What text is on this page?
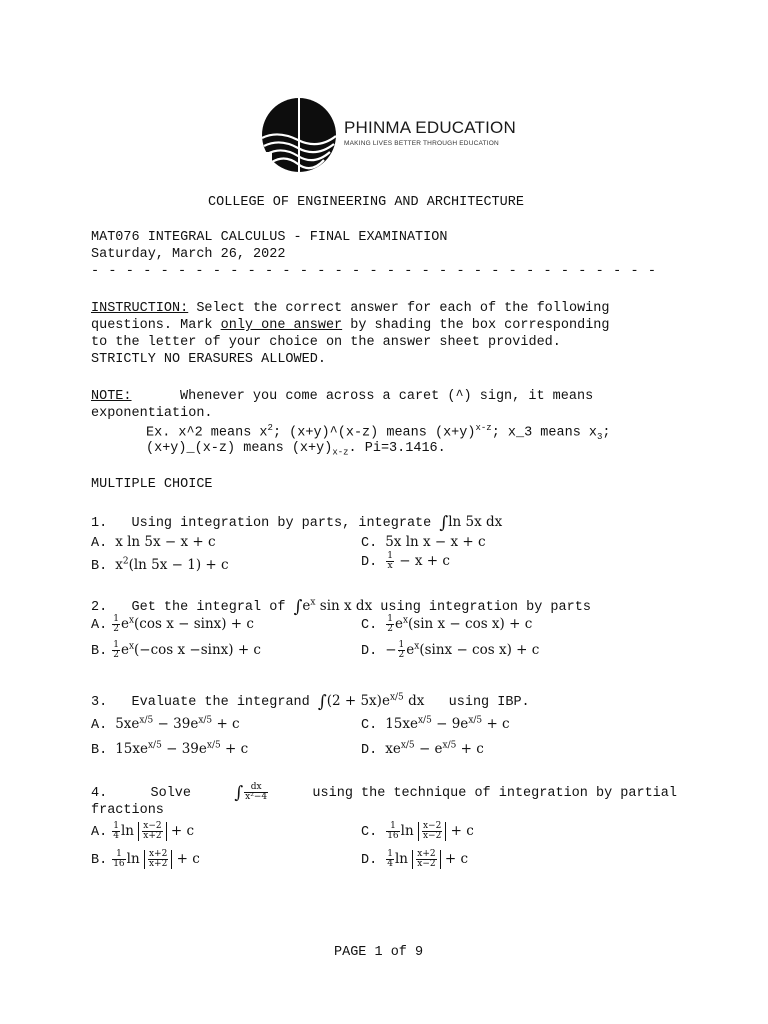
PHINMA EDUCATION
MAKING LIVES BETTER THROUGH EDUCATION
COLLEGE OF ENGINEERING AND ARCHITECTURE
MAT076 INTEGRAL CALCULUS - FINAL EXAMINATION
Saturday, March 26, 2022
- - - - - - - - - - - - - - - - - - - - - - - - - - - - - - - - -
INSTRUCTION: Select the correct answer for each of the following
questions. Mark only one answer by shading the box corresponding
to the letter of your choice on the answer sheet provided.
STRICTLY NO ERASURES ALLOWED.
NOTE:	Whenever you come across a caret (^) sign, it means
exponentiation.
Ex. x^2 means $x^2$; (x+y)^(x-z) means $(x+y)^{x-z}$; x_3 means $x_3$;
(x+y)_(x-z) means $(x+y)_{x-z}$. Pi=3.1416.
MULTIPLE CHOICE
1. Using integration by parts, integrate ∫ln 5x dx
A. x ln 5x − x + c	C. 5x ln x − x + c
B. $x^2(\ln$ 5x − 1) + c	D. $\frac{1}{x} - x + c$
2. Get the integral of $\int e^x$ sin x dx using integration by parts
A. $\frac{1}{2} e^x(\cos$ x − sinx) + c	C. $\frac{1}{2} e^x(\sin$ x − cos x) + c
B. $\frac{1}{2} e^x(-\cos$ x −sinx) + c	D. − $\frac{1}{2} e^x(\sin x - \cos x) + c$
3. Evaluate the integrand $\int(2 + 5x)e^{x/5}$ dx using IBP.
A. $5xe^{x/5} - 39e^{x/5} + c$	C. $15xe^{x/5} - 9e^{x/5} + c$
B. $15xe^{x/5} - 39e^{x/5} + c$	D. $xe^{x/5} - e^{x/5} + c$
4.	Solve	∫ $\frac{dx}{\text{x²−4}}$	using the technique of integration by partial
fractions
A. $\frac{1}{4}$ $\ln \frac{x-2}{x+2} + c$	C. $\frac{1}{16}$ $\ln \frac{x-2}{x-2} + c$
B. $\frac{1}{16}$ $\ln \frac{x+2}{x+2} + c$	D. $\frac{1}{4}$ $\ln \frac{x+2}{x-2} + c$
PAGE 1 of 9
